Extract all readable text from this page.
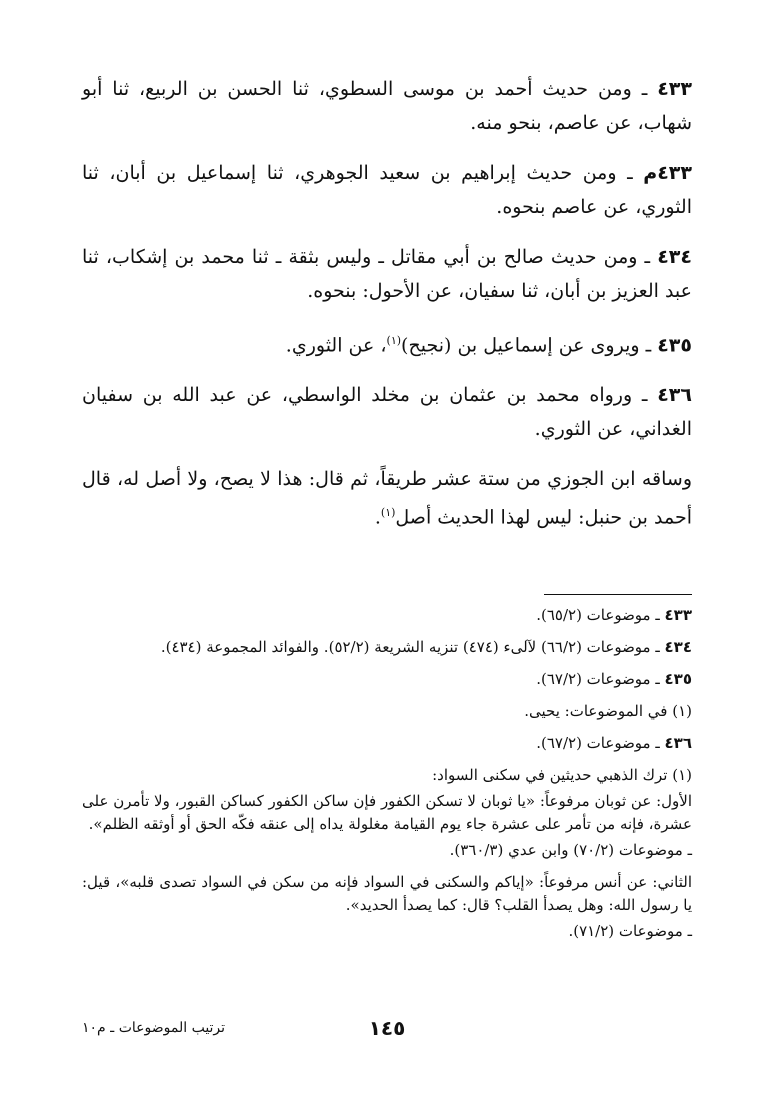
٤٣٣ ـ ومن حديث أحمد بن موسى السطوي، ثنا الحسن بن الربيع، ثنا أبو شهاب، عن عاصم، بنحو منه.

٤٣٣م ـ ومن حديث إبراهيم بن سعيد الجوهري، ثنا إسماعيل بن أبان، ثنا الثوري، عن عاصم بنحوه.

٤٣٤ ـ ومن حديث صالح بن أبي مقاتل ـ وليس بثقة ـ ثنا محمد بن إشكاب، ثنا عبد العزيز بن أبان، ثنا سفيان، عن الأحول: بنحوه.

٤٣٥ ـ ويروى عن إسماعيل بن (نجيح)$^{(١)}$، عن الثوري.

٤٣٦ ـ ورواه محمد بن عثمان بن مخلد الواسطي، عن عبد الله بن سفيان الغداني، عن الثوري.

وساقه ابن الجوزي من ستة عشر طريقاً، ثم قال: هذا لا يصح، ولا أصل له، قال أحمد بن حنبل: ليس لهذا الحديث أصل$^{(١)}$.

٤٣٣ ـ موضوعات (٦٥/٢).

٤٣٤ ـ موضوعات (٦٦/٢) لآلىء (٤٧٤) تنزيه الشريعة (٥٢/٢). والفوائد المجموعة (٤٣٤).

٤٣٥ ـ موضوعات (٦٧/٢).

(١) في الموضوعات: يحيى.

٤٣٦ ـ موضوعات (٦٧/٢).

(١) ترك الذهبي حديثين في سكنى السواد:

الأول: عن ثوبان مرفوعاً: «يا ثوبان لا تسكن الكفور فإن ساكن الكفور كساكن القبور، ولا تأمرن على عشرة، فإنه من تأمر على عشرة جاء يوم القيامة مغلولة يداه إلى عنقه فكّه الحق أو أوثقه الظلم».

ـ موضوعات (٧٠/٢) وابن عدي (٣٦٠/٣).

الثاني: عن أنس مرفوعاً: «إياكم والسكنى في السواد فإنه من سكن في السواد تصدى قلبه»، قيل: يا رسول الله: وهل يصدأ القلب؟ قال: كما يصدأ الحديد».

ـ موضوعات (٧١/٢).

١٤٥
ترتيب الموضوعات ـ م١٠
